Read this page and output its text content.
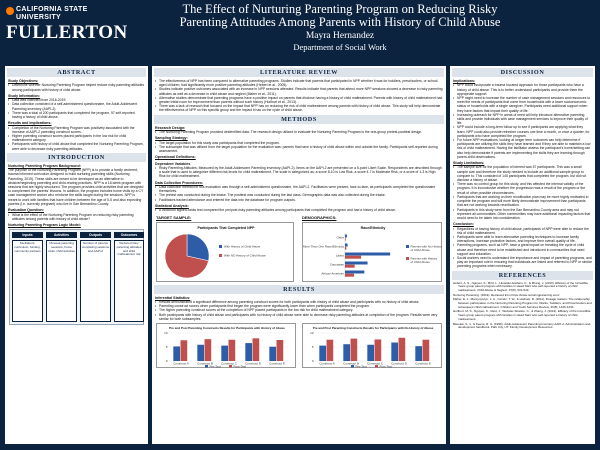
CALIFORNIA STATE UNIVERSITY
FULLERTON
The Effect of Nurturing Parenting Program on Reducing Risky
Parenting Attitudes Among Parents with History of Child Abuse
Mayra Hernandez
Department of Social Work
ABSTRACT
Study Objectives:
• Determine whether Nurturing Parenting Program helped reduce risky parenting attitudes among participants with history of child abuse.
Study Information:
• Data was collected from 2016-2019.
• Data collection consisted of a self-administered questionnaire, the Adult-Adolescent Parenting Inventory (AAPI-2).
• There was a total of 200 participants that completed the program, 57 self-reported having a history of child abuse.
Results and Implications:
• Completion of the Nurturing Parenting Program was positively associated with the increase of AAPI-2 parenting construct scores.
• Higher parenting construct scores placed participants in the low risk for child maltreatment category.
• Participants with history of child abuse that completed the Nurturing Parenting Program, were able to decrease risky parenting attitudes.
INTRODUCTION
Nurturing Parenting Program Background:
The purpose of the Nurturing Parenting Program (NPP) is to provide a family centered, trauma informed curriculum designed to build nurturing parenting skills (Nurturing Parenting, 2019). These skills are meant to be developed as an alternative to abusive/neglecting parenting and child-rearing practices. NPP is a 16-week program with sessions that are highly structured. The program provides child activities that are designed to complement the parents' lessons. In addition, the program includes home visits by a CY case management worker who reinforce the skills taught during the sessions. NPP is meant to work with families that have children between the age of 0-5 and also expecting parents (i.e. currently pregnant) who live in San Bernardino County.
Evaluation Question:
• What is the effect of the Nurturing Parenting Program on reducing risky parenting attitudes among parents with history of child abuse?
Nurturing Parenting Program Logic Model:
Inputs	Activities	Outputs	Outcomes
Facilitators, curriculum, funding, community partners
16-week parenting sessions, home visits, child activities
Number of parents completing sessions and AAPI-2
Reduced risky parenting attitudes and child maltreatment risk
LITERATURE REVIEW
• The effectiveness of NPP has been compared to alternative parenting programs. Studies indicate that parents that participated in NPP whether it was for toddlers, preschoolers, or school-aged children, had significantly more positive parenting attitudes (Hebert et al., 2005).
• Studies indicate positive outcomes associated with an increase in NPP sessions attended. Results indicate that parents that attend more NPP sessions showed a decrease in risky parenting attitudes as well as a decrease in child abuse and neglect (Maher et al., 2011).
• Alternative studies demonstrate that parenting programs have a positive impact on parents that disclose having a history of child maltreatment. Parents with history of child maltreatment had greater initial room for improvement than parents without such history (Hurlburt et al., 2013).
• There was a lack of research that focused on the impact that NPP has on reducing the risk of child maltreatment among parents with history of child abuse. This study will help demonstrate the effectiveness of NPP on this specific group and the impact it has on the cycle of child abuse.
METHODS
Research Design:
• The Nurturing Parenting Program provided deidentified data. The research design utilized to evaluate the Nurturing Parenting Program is the one-group pretest-posttest design.
Sampling Strategy:
• The target population for this study was participants that completed the program.
• The subsample that was utilized from the target population for the evaluation was: parents that have a history of child abuse within and outside the family. Participants self-reported during assessment.
Operational Definitions:
Dependent Variables
• Risky Parenting Attitudes: Measured by the Adult-Adolescent Parenting Inventory (AAPI-2). Items on the AAPI-2 are presented on a 5-point Likert Scale. Respondents are described through a scale that is used to categorize different risk levels for child maltreatment. The scale is categorized as: a score 8-10 is Low Risk, a score 4-7 is Moderate Risk, or a score of 1-3 is High Risk for child maltreatment.
Data Collection Procedures:
• Data collection method for this evaluation was through a self-administered questionnaire, the AAPI-2. Facilitators were present, face-to-face, as participants completed the questionnaire themselves.
• The pretest was conducted during the intake. The posttest was conducted during the last class. Demographic data was also collected during the intake.
• Facilitators tracked attendance and entered the data into the database for program outputs.
Statistical Analysis:
• A Wilcoxon signed-ranks test compared the pre/post risky parenting attitudes among participants that completed the program and had a history of child abuse.
TARGET SAMPLE:	DEMOGRAPHICS:
Participants That Completed NPP
With History of Child Abuse
With NO History of Child Abuse
Race/Ethnicity
Other
More Than One Race/Ethnicity
Latino
Caucasian
African American
Parents with No History
of Child Abuse
Parents with History
of Child Abuse
RESULTS
Inferential Statistics:
• Results demonstrated a significant difference among parenting construct scores for both participants with history of child abuse and participants with no history of child abuse.
• Parenting construct scores when participants first began the program were significantly lower than when participants completed the program.
• The higher parenting construct scores at the completion of NPP placed participants in the low risk for child maltreatment category.
• Both participants with history of child abuse and participants with no history of child abuse were able to decrease risky parenting attitudes at completion of the program. Results were very similar for both subsamples.
Pre and Post Parenting Constructs Results for Participants with History of Abuse
0
5
10
Construct A	Construct B	Construct C	Construct D	Construct E
Pre-Test	Post-Test
Pre and Post Parenting Constructs Results for Participants with No History of Abuse
0
5
10
Construct A	Construct B	Construct C	Construct D	Construct E
Pre-Test	Post-Test
DISCUSSION
Implications:
• NPP could incorporate a trauma focused approach for those participants who have a history of child abuse. This is to better understand participants and provide them the appropriate support.
• NPP might need to increase the number of case management sessions and resources to meet the needs of participants that come from households with a lower socioeconomic status or households with a single caregiver. Participants need additional support when they have factors that impact their quality of life.
• Increasing outreach for NPP in areas of need will help introduce alternative parenting skills and provide individuals with case management services to improve their quality of life.
• NPP could include a long-term follow up to see if participants are applying what they learn. NPP could also provide refresher courses one time a month, or once a quarter, for participants who have completed the program.
• For future NPP evaluations, looking at longer term outcomes can help determine if participants are utilizing the skills they have learned and if they are able to maintain a low risk of child maltreatment. Having the facilitator assess the participant's home/setting can also help demonstrate if parents are implementing the skills they are learning through parent-child observations.
Study Limitations:
• The sample size for the population of interest was 57 participants. This was a small sample size and therefore the study needed to include an additional sample group to compare to. This consisted of 145 participants that completed the program, but did not disclose a history of abuse.
• There was no control group for this study, and this affected the internal validity of the program. It is inconclusive whether the progression was a result of the program or the result of other possible circumstances.
• Participants that are working on their reunification plan may be more highly motivated to complete the program and will more likely demonstrate improvement than participants that are not working towards reunification.
• Participants in this study were from the San Bernardino County area and may not represent all communities. Other communities may have additional impacting factors that would need to be taken into consideration.
Conclusion:
• Regardless of having history of child abuse, participants of NPP were able to reduce the risk of child maltreatment.
• Participants were able to learn alternative parenting techniques to increase family interactions, increase protective factors, and improve their overall quality of life.
• Parenting programs, such as NPP, have a great impact on breaking the cycle of child abuse and therefore need to be established and introduced in communities that need support and education.
• Social workers need to understand the importance and impact of parenting programs, and play an important role in ensuring that individuals are linked and referred to NPP or similar parenting programs when necessary.
REFERENCES
Hebert, A. S., Nguyen, K., Bird, L., Hmielski-Graham, C., & Zhang, J. (2013). Efficacy of the Incredible Years group parent program with families in Head Start who self-reported a history of child maltreatment. Child Abuse & Neglect, 37(8), 531-543.
Nurturing Parenting. (2019). Retrieved from https://www.nurturingparenting.com/
Maher, E. J., Marcynyszyn, L. A., Corwin, T. W., & Hodnett, R. (2011). Dosage matters: The relationship between participation in the Nurturing Parenting Program for Infants, Toddlers, and Preschoolers and subsequent child maltreatment. Children and Youth Services Review, 33(8), 1426-1434.
Hurlburt, M. S., Nguyen, K., Reid, J., Webster-Stratton, C., & Zhang, J. (2013). Efficacy of the Incredible Years group parent program with families in Head Start who self-reported a history of child maltreatment.
Bavolek, S. J., & Keene, R. G. (1999). Adult-Adolescent Parenting Inventory AAPI-2: Administration and development handbook. Park City, UT: Family Development Resources.
